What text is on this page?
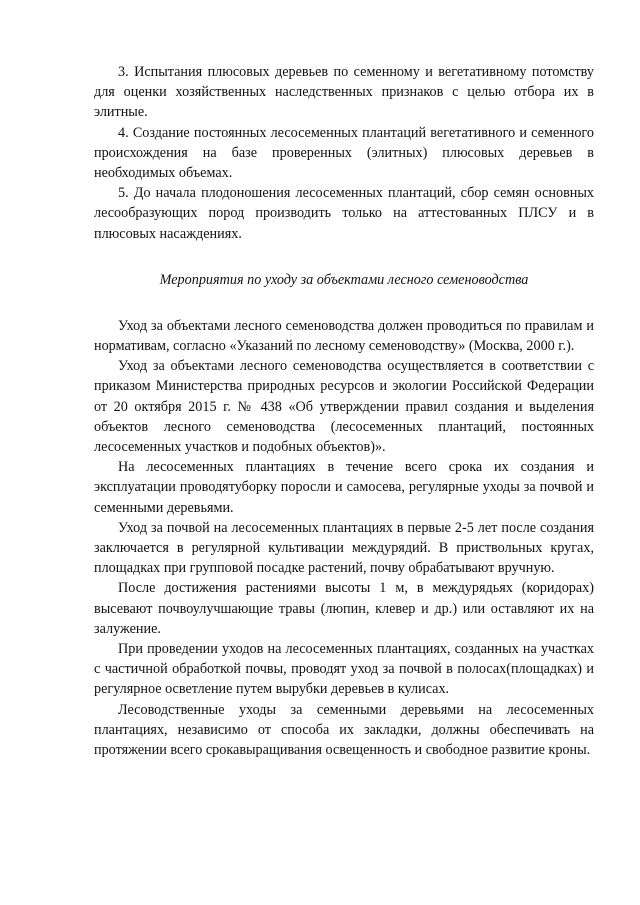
3. Испытания плюсовых деревьев по семенному и вегетативному потомству для оценки хозяйственных наследственных признаков с целью отбора их в элитные.

4. Создание постоянных лесосеменных плантаций вегетативного и семенного происхождения на базе проверенных (элитных) плюсовых деревьев в необходимых объемах.

5. До начала плодоношения лесосеменных плантаций, сбор семян основных лесообразующих пород производить только на аттестованных ПЛСУ и в плюсовых насаждениях.

Мероприятия по уходу за объектами лесного семеноводства

Уход за объектами лесного семеноводства должен проводиться по правилам и нормативам, согласно «Указаний по лесному семеноводству» (Москва, 2000 г.).

Уход за объектами лесного семеноводства осуществляется в соответствии с приказом Министерства природных ресурсов и экологии Российской Федерации от 20 октября 2015 г. № 438 «Об утверждении правил создания и выделения объектов лесного семеноводства (лесосеменных плантаций, постоянных лесосеменных участков и подобных объектов)».

На лесосеменных плантациях в течение всего срока их создания и эксплуатации проводятуборку поросли и самосева, регулярные уходы за почвой и семенными деревьями.

Уход за почвой на лесосеменных плантациях в первые 2-5 лет после создания заключается в регулярной культивации междурядий. В приствольных кругах, площадках при групповой посадке растений, почву обрабатывают вручную.

После достижения растениями высоты 1 м, в междурядьях (коридорах) высевают почвоулучшающие травы (люпин, клевер и др.) или оставляют их на залужение.

При проведении уходов на лесосеменных плантациях, созданных на участках с частичной обработкой почвы, проводят уход за почвой в полосах(площадках) и регулярное осветление путем вырубки деревьев в кулисах.

Лесоводственные уходы за семенными деревьями на лесосеменных плантациях, независимо от способа их закладки, должны обеспечивать на протяжении всего срокавыращивания освещенность и свободное развитие кроны.
